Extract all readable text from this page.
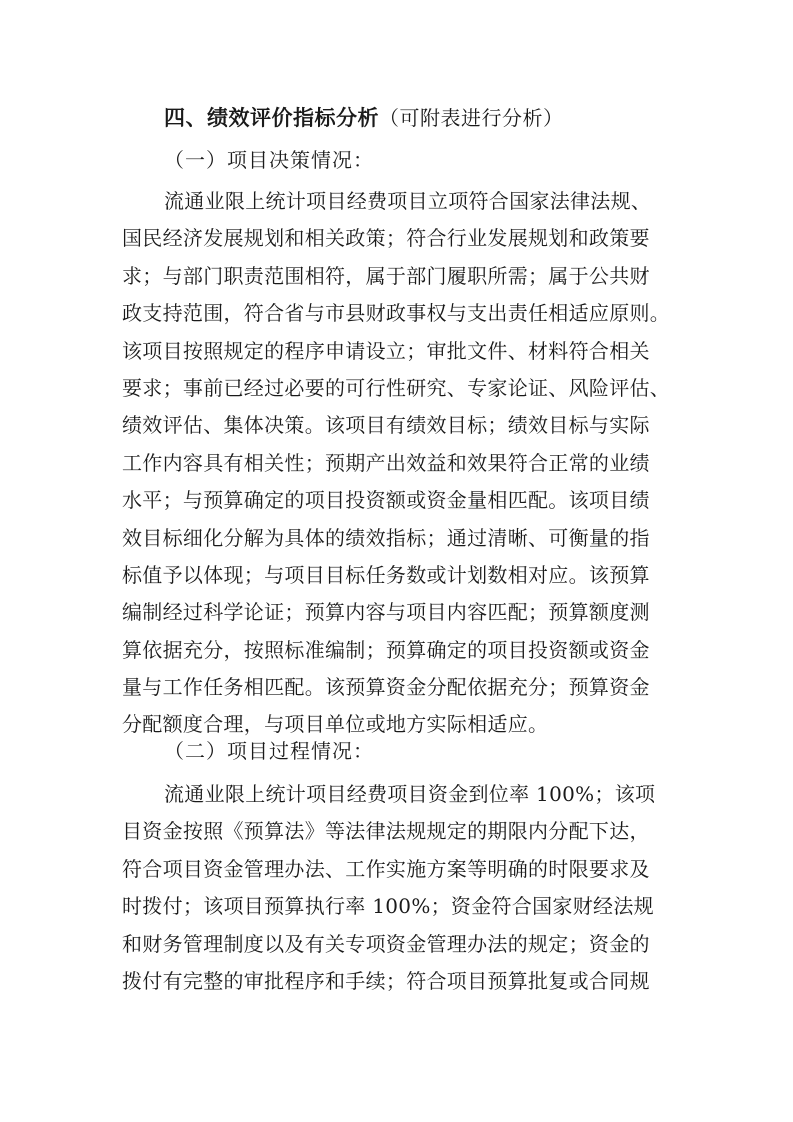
四、绩效评价指标分析（可附表进行分析）
（一）项目决策情况：
流通业限上统计项目经费项目立项符合国家法律法规、
国民经济发展规划和相关政策；符合行业发展规划和政策要
求；与部门职责范围相符，属于部门履职所需；属于公共财
政支持范围，符合省与市县财政事权与支出责任相适应原则。
该项目按照规定的程序申请设立；审批文件、材料符合相关
要求；事前已经过必要的可行性研究、专家论证、风险评估、
绩效评估、集体决策。该项目有绩效目标；绩效目标与实际
工作内容具有相关性；预期产出效益和效果符合正常的业绩
水平；与预算确定的项目投资额或资金量相匹配。该项目绩
效目标细化分解为具体的绩效指标；通过清晰、可衡量的指
标值予以体现；与项目目标任务数或计划数相对应。该预算
编制经过科学论证；预算内容与项目内容匹配；预算额度测
算依据充分，按照标准编制；预算确定的项目投资额或资金
量与工作任务相匹配。该预算资金分配依据充分；预算资金
分配额度合理，与项目单位或地方实际相适应。
（二）项目过程情况：
流通业限上统计项目经费项目资金到位率 100%；该项
目资金按照《预算法》等法律法规规定的期限内分配下达，
符合项目资金管理办法、工作实施方案等明确的时限要求及
时拨付；该项目预算执行率 100%；资金符合国家财经法规
和财务管理制度以及有关专项资金管理办法的规定；资金的
拨付有完整的审批程序和手续；符合项目预算批复或合同规
